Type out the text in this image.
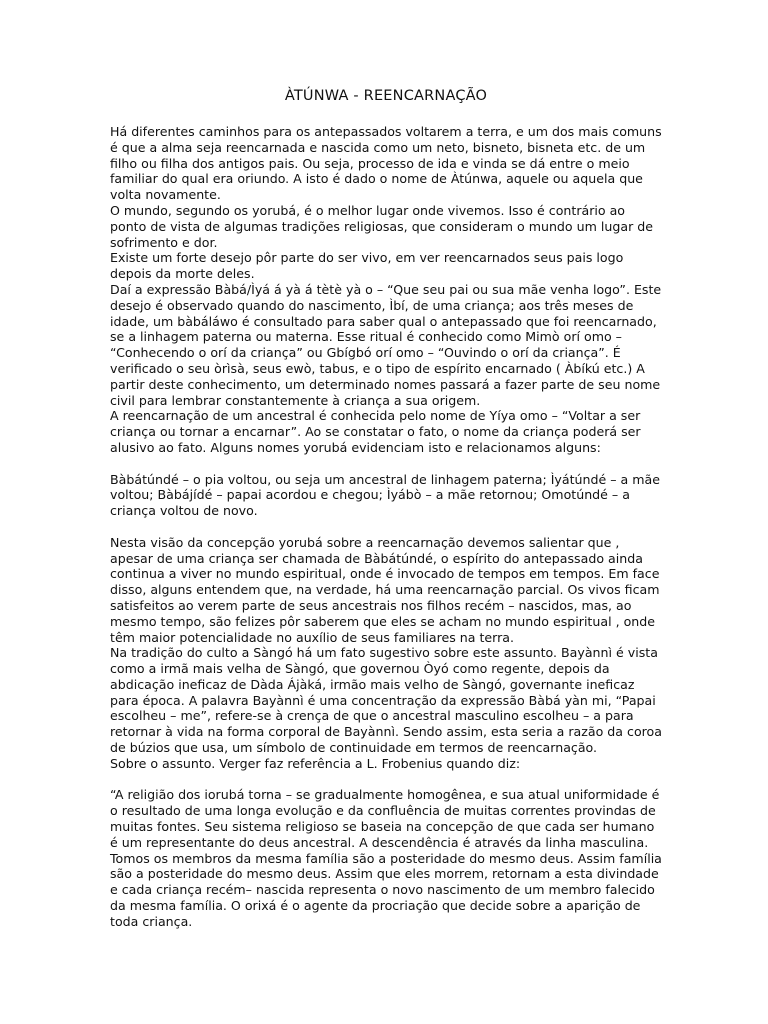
ÀTÚNWA - REENCARNAÇÃO

Há diferentes caminhos para os antepassados voltarem a terra, e um dos mais comuns é que a alma seja reencarnada e nascida como um neto, bisneto, bisneta etc. de um filho ou filha dos antigos pais. Ou seja, processo de ida e vinda se dá entre o meio familiar do qual era oriundo. A isto é dado o nome de Àtúnwa, aquele ou aquela que volta novamente.

O mundo, segundo os yorubá, é o melhor lugar onde vivemos. Isso é contrário ao ponto de vista de algumas tradições religiosas, que consideram o mundo um lugar de sofrimento e dor.

Existe um forte desejo pôr parte do ser vivo, em ver reencarnados seus pais logo depois da morte deles.

Daí a expressão Bàbá/Ìyá á yà á tètè yà o – “Que seu pai ou sua mãe venha logo”. Este desejo é observado quando do nascimento, Ìbí, de uma criança; aos três meses de idade, um bàbáláwo é consultado para saber qual o antepassado que foi reencarnado, se a linhagem paterna ou materna. Esse ritual é conhecido como Mimò orí omo – “Conhecendo o orí da criança” ou Gbígbó orí omo – “Ouvindo o orí da criança”. É verificado o seu òrìsà, seus ewò, tabus, e o tipo de espírito encarnado ( Àbíkú etc.) A partir deste conhecimento, um determinado nomes passará a fazer parte de seu nome civil para lembrar constantemente à criança a sua origem.

A reencarnação de um ancestral é conhecida pelo nome de Yíya omo – “Voltar a ser criança ou tornar a encarnar”. Ao se constatar o fato, o nome da criança poderá ser alusivo ao fato. Alguns nomes yorubá evidenciam isto e relacionamos alguns:

Bàbátúndé – o pia voltou, ou seja um ancestral de linhagem paterna; Ìyátúndé – a mãe voltou; Bàbájídé – papai acordou e chegou; Ìyábò – a mãe retornou; Omotúndé – a criança voltou de novo.

Nesta visão da concepção yorubá sobre a reencarnação devemos salientar que , apesar de uma criança ser chamada de Bàbátúndé, o espírito do antepassado ainda continua a viver no mundo espiritual, onde é invocado de tempos em tempos. Em face disso, alguns entendem que, na verdade, há uma reencarnação parcial. Os vivos ficam satisfeitos ao verem parte de seus ancestrais nos filhos recém – nascidos, mas, ao mesmo tempo, são felizes pôr saberem que eles se acham no mundo espiritual , onde têm maior potencialidade no auxílio de seus familiares na terra.

Na tradição do culto a Sàngó há um fato sugestivo sobre este assunto. Bayànnì é vista como a irmã mais velha de Sàngó, que governou Òyó como regente, depois da abdicação ineficaz de Dàda Ájàká, irmão mais velho de Sàngó, governante ineficaz para época. A palavra Bayànnì é uma concentração da expressão Bàbá yàn mi, “Papai escolheu – me”, refere-se à crença de que o ancestral masculino escolheu – a para retornar à vida na forma corporal de Bayànnì. Sendo assim, esta seria a razão da coroa de búzios que usa, um símbolo de continuidade em termos de reencarnação.

Sobre o assunto. Verger faz referência a L. Frobenius quando diz:

“A religião dos iorubá torna – se gradualmente homogênea, e sua atual uniformidade é o resultado de uma longa evolução e da confluência de muitas correntes provindas de muitas fontes. Seu sistema religioso se baseia na concepção de que cada ser humano é um representante do deus ancestral. A descendência é através da linha masculina.

Tomos os membros da mesma família são a posteridade do mesmo deus. Assim família são a posteridade do mesmo deus. Assim que eles morrem, retornam a esta divindade e cada criança recém– nascida representa o novo nascimento de um membro falecido da mesma família. O orixá é o agente da procriação que decide sobre a aparição de toda criança.
